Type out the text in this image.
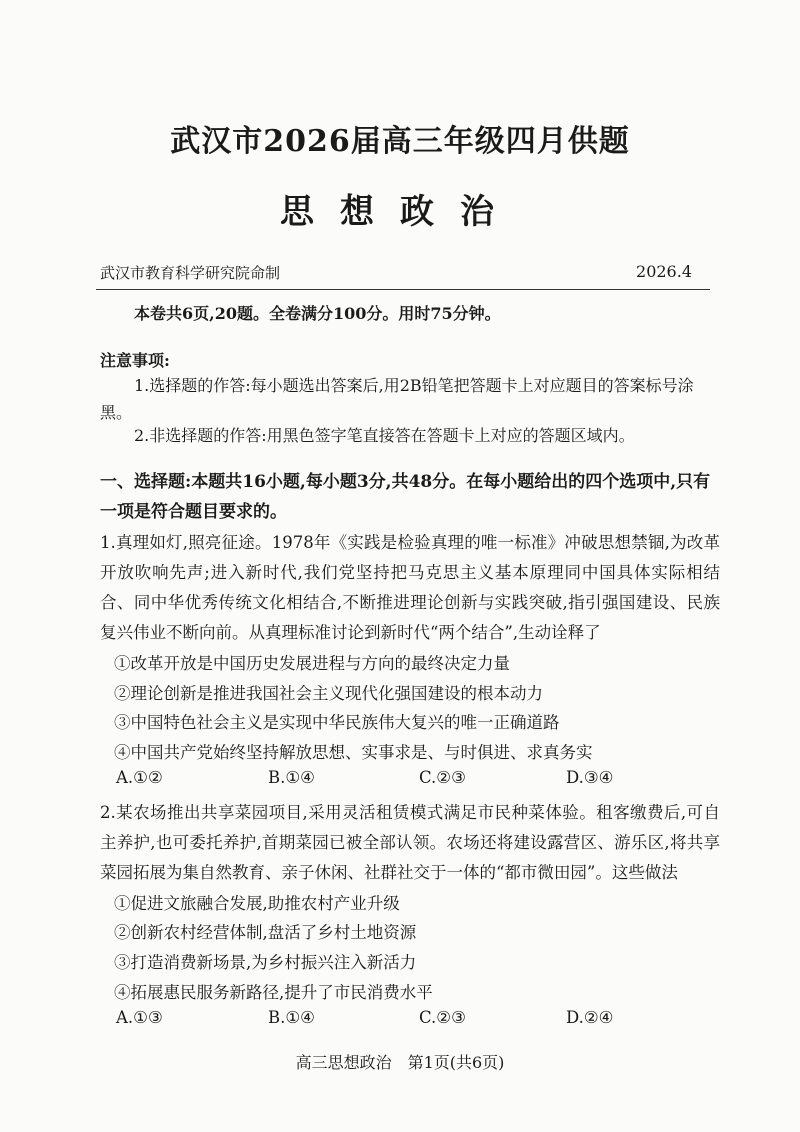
武汉市2026届高三年级四月供题
思想政治
武汉市教育科学研究院命制	2026.4
本卷共6页,20题。全卷满分100分。用时75分钟。
注意事项:

1.选择题的作答:每小题选出答案后,用2B铅笔把答题卡上对应题目的答案标号涂黑。

2.非选择题的作答:用黑色签字笔直接答在答题卡上对应的答题区域内。

一、选择题:本题共16小题,每小题3分,共48分。在每小题给出的四个选项中,只有一项是符合题目要求的。

1.真理如灯,照亮征途。1978年《实践是检验真理的唯一标准》冲破思想禁锢,为改革开放吹响先声;进入新时代,我们党坚持把马克思主义基本原理同中国具体实际相结合、同中华优秀传统文化相结合,不断推进理论创新与实践突破,指引强国建设、民族复兴伟业不断向前。从真理标准讨论到新时代“两个结合”,生动诠释了

①改革开放是中国历史发展进程与方向的最终决定力量
②理论创新是推进我国社会主义现代化强国建设的根本动力
③中国特色社会主义是实现中华民族伟大复兴的唯一正确道路
④中国共产党始终坚持解放思想、实事求是、与时俱进、求真务实
A.①②	B.①④	C.②③	D.③④

2.某农场推出共享菜园项目,采用灵活租赁模式满足市民种菜体验。租客缴费后,可自主养护,也可委托养护,首期菜园已被全部认领。农场还将建设露营区、游乐区,将共享菜园拓展为集自然教育、亲子休闲、社群社交于一体的“都市微田园”。这些做法

①促进文旅融合发展,助推农村产业升级
②创新农村经营体制,盘活了乡村土地资源
③打造消费新场景,为乡村振兴注入新活力
④拓展惠民服务新路径,提升了市民消费水平
A.①③	B.①④	C.②③	D.②④
高三思想政治　第1页(共6页)
